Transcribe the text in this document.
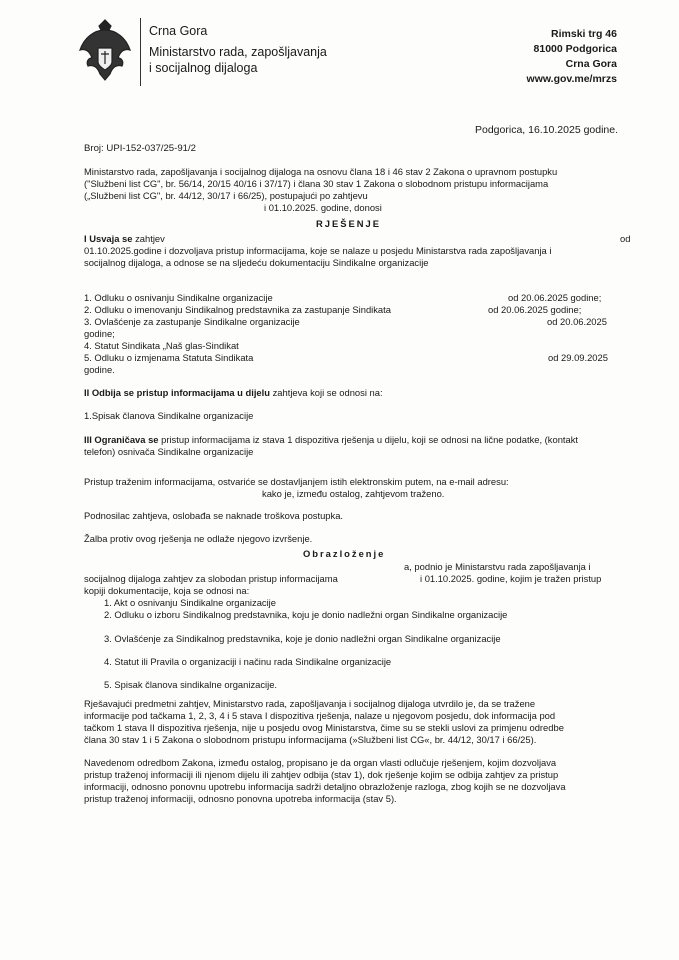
Crna Gora
Ministarstvo rada, zapošljavanja
i socijalnog dijaloga
Rimski trg 46
81000 Podgorica
Crna Gora
www.gov.me/mrzs
Podgorica, 16.10.2025 godine.
Broj: UPI-152-037/25-91/2
Ministarstvo rada, zapošljavanja i socijalnog dijaloga na osnovu člana 18 i 46 stav 2 Zakona o upravnom postupku
("Službeni list CG", br. 56/14, 20/15 40/16 i 37/17) i člana 30 stav 1 Zakona o slobodnom pristupu informacijama
(„Službeni list CG", br. 44/12, 30/17 i 66/25), postupajući po zahtjevu
i 01.10.2025. godine, donosi
RJEŠENJE
I Usvaja se zahtjev	od
01.10.2025.godine i dozvoljava pristup informacijama, koje se nalaze u posjedu Ministarstva rada zapošljavanja i
socijalnog dijaloga, a odnose se na sljedeću dokumentaciju Sindikalne organizacije
1. Odluku o osnivanju Sindikalne organizacije	od 20.06.2025 godine;
2. Odluku o imenovanju Sindikalnog predstavnika za zastupanje Sindikata	od 20.06.2025 godine;
3. Ovlašćenje za zastupanje Sindikalne organizacije	od 20.06.2025
godine;
4. Statut Sindikata „Naš glas-Sindikat
5. Odluku o izmjenama Statuta Sindikata	od 29.09.2025
godine.
II Odbija se pristup informacijama u dijelu zahtjeva koji se odnosi na:
1.Spisak članova Sindikalne organizacije
III Ograničava se pristup informacijama iz stava 1 dispozitiva rješenja u dijelu, koji se odnosi na lične podatke, (kontakt
telefon) osnivača Sindikalne organizacije
Pristup traženim informacijama, ostvariće se dostavljanjem istih elektronskim putem, na e-mail adresu:
kako je, između ostalog, zahtjevom traženo.
Podnosilac zahtjeva, oslobađa se naknade troškova postupka.
Žalba protiv ovog rješenja ne odlaže njegovo izvršenje.
Obrazloženje
a, podnio je Ministarstvu rada zapošljavanja i
socijalnog dijaloga zahtjev za slobodan pristup informacijama	i 01.10.2025. godine, kojim je tražen pristup
kopiji dokumentacije, koja se odnosi na:
1. Akt o osnivanju Sindikalne organizacije
2. Odluku o izboru Sindikalnog predstavnika, koju je donio nadležni organ Sindikalne organizacije
3. Ovlašćenje za Sindikalnog predstavnika, koje je donio nadležni organ Sindikalne organizacije
4. Statut ili Pravila o organizaciji i načinu rada Sindikalne organizacije
5. Spisak članova sindikalne organizacije.
Rješavajući predmetni zahtjev, Ministarstvo rada, zapošljavanja i socijalnog dijaloga utvrdilo je, da se tražene
informacije pod tačkama 1, 2, 3, 4 i 5 stava I dispozitiva rješenja, nalaze u njegovom posjedu, dok informacija pod
tačkom 1 stava II dispozitiva rješenja, nije u posjedu ovog Ministarstva, čime su se stekli uslovi za primjenu odredbe
člana 30 stav 1 i 5 Zakona o slobodnom pristupu informacijama (»Službeni list CG«, br. 44/12, 30/17 i 66/25).
Navedenom odredbom Zakona, između ostalog, propisano je da organ vlasti odlučuje rješenjem, kojim dozvoljava
pristup traženoj informaciji ili njenom dijelu ili zahtjev odbija (stav 1), dok rješenje kojim se odbija zahtjev za pristup
informaciji, odnosno ponovnu upotrebu informacija sadrži detaljno obrazloženje razloga, zbog kojih se ne dozvoljava
pristup traženoj informaciji, odnosno ponovna upotreba informacija (stav 5).
